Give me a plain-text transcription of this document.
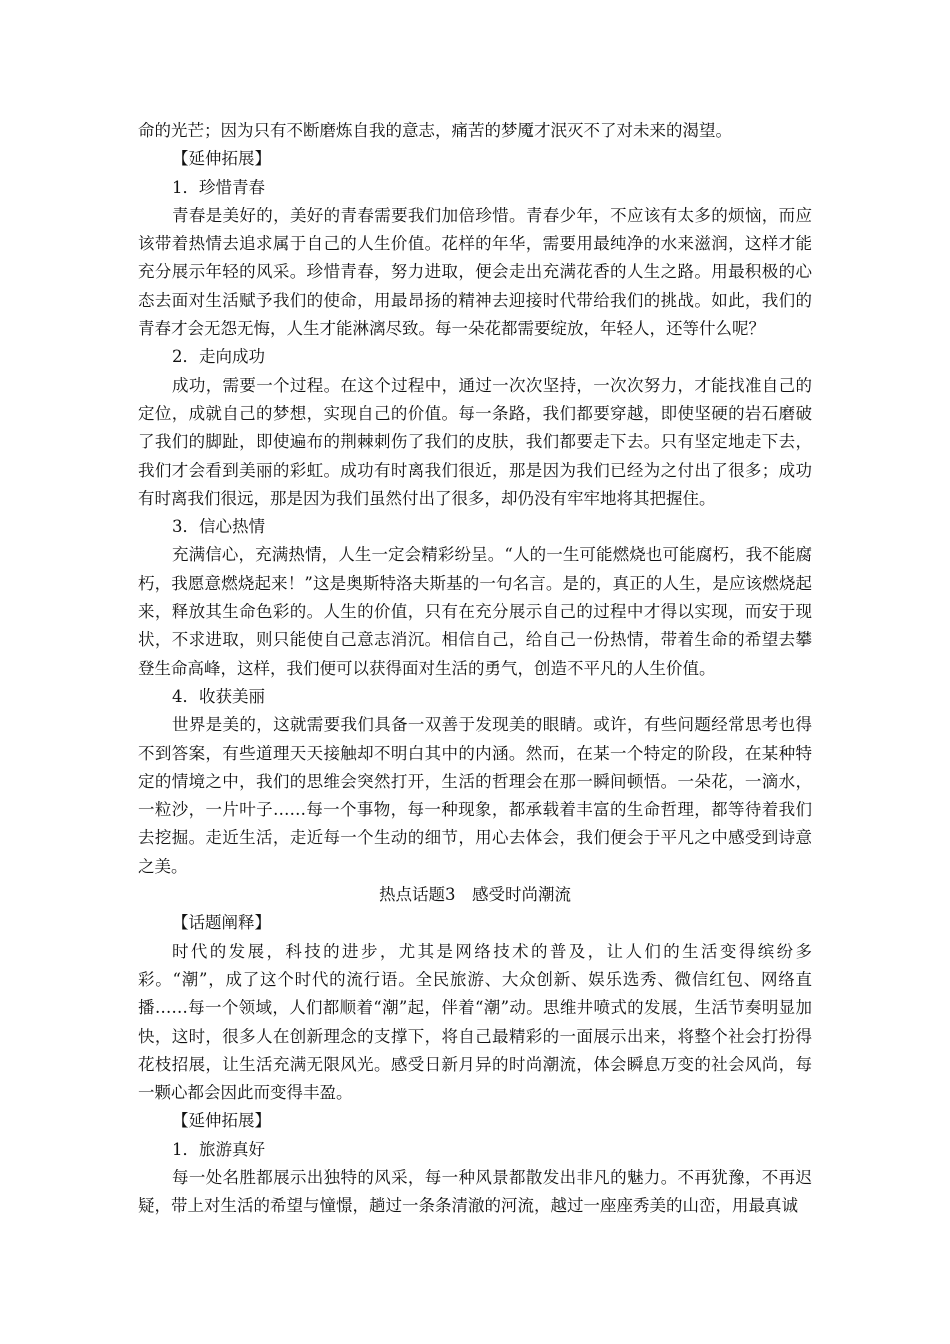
命的光芒；因为只有不断磨炼自我的意志，痛苦的梦魇才泯灭不了对未来的渴望。
【延伸拓展】
1．珍惜青春
青春是美好的，美好的青春需要我们加倍珍惜。青春少年，不应该有太多的烦恼，而应该带着热情去追求属于自己的人生价值。花样的年华，需要用最纯净的水来滋润，这样才能充分展示年轻的风采。珍惜青春，努力进取，便会走出充满花香的人生之路。用最积极的心态去面对生活赋予我们的使命，用最昂扬的精神去迎接时代带给我们的挑战。如此，我们的青春才会无怨无悔，人生才能淋漓尽致。每一朵花都需要绽放，年轻人，还等什么呢？
2．走向成功
成功，需要一个过程。在这个过程中，通过一次次坚持，一次次努力，才能找准自己的定位，成就自己的梦想，实现自己的价值。每一条路，我们都要穿越，即使坚硬的岩石磨破了我们的脚趾，即使遍布的荆棘刺伤了我们的皮肤，我们都要走下去。只有坚定地走下去，我们才会看到美丽的彩虹。成功有时离我们很近，那是因为我们已经为之付出了很多；成功有时离我们很远，那是因为我们虽然付出了很多，却仍没有牢牢地将其把握住。
3．信心热情
充满信心，充满热情，人生一定会精彩纷呈。“人的一生可能燃烧也可能腐朽，我不能腐朽，我愿意燃烧起来！”这是奥斯特洛夫斯基的一句名言。是的，真正的人生，是应该燃烧起来，释放其生命色彩的。人生的价值，只有在充分展示自己的过程中才得以实现，而安于现状，不求进取，则只能使自己意志消沉。相信自己，给自己一份热情，带着生命的希望去攀登生命高峰，这样，我们便可以获得面对生活的勇气，创造不平凡的人生价值。
4．收获美丽
世界是美的，这就需要我们具备一双善于发现美的眼睛。或许，有些问题经常思考也得不到答案，有些道理天天接触却不明白其中的内涵。然而，在某一个特定的阶段，在某种特定的情境之中，我们的思维会突然打开，生活的哲理会在那一瞬间顿悟。一朵花，一滴水，一粒沙，一片叶子……每一个事物，每一种现象，都承载着丰富的生命哲理，都等待着我们去挖掘。走近生活，走近每一个生动的细节，用心去体会，我们便会于平凡之中感受到诗意之美。
热点话题3　感受时尚潮流
【话题阐释】
时代的发展，科技的进步，尤其是网络技术的普及，让人们的生活变得缤纷多彩。“潮”，成了这个时代的流行语。全民旅游、大众创新、娱乐选秀、微信红包、网络直播……每一个领域，人们都顺着“潮”起，伴着“潮”动。思维井喷式的发展，生活节奏明显加快，这时，很多人在创新理念的支撑下，将自己最精彩的一面展示出来，将整个社会打扮得花枝招展，让生活充满无限风光。感受日新月异的时尚潮流，体会瞬息万变的社会风尚，每一颗心都会因此而变得丰盈。
【延伸拓展】
1．旅游真好
每一处名胜都展示出独特的风采，每一种风景都散发出非凡的魅力。不再犹豫，不再迟疑，带上对生活的希望与憧憬，趟过一条条清澈的河流，越过一座座秀美的山峦，用最真诚
